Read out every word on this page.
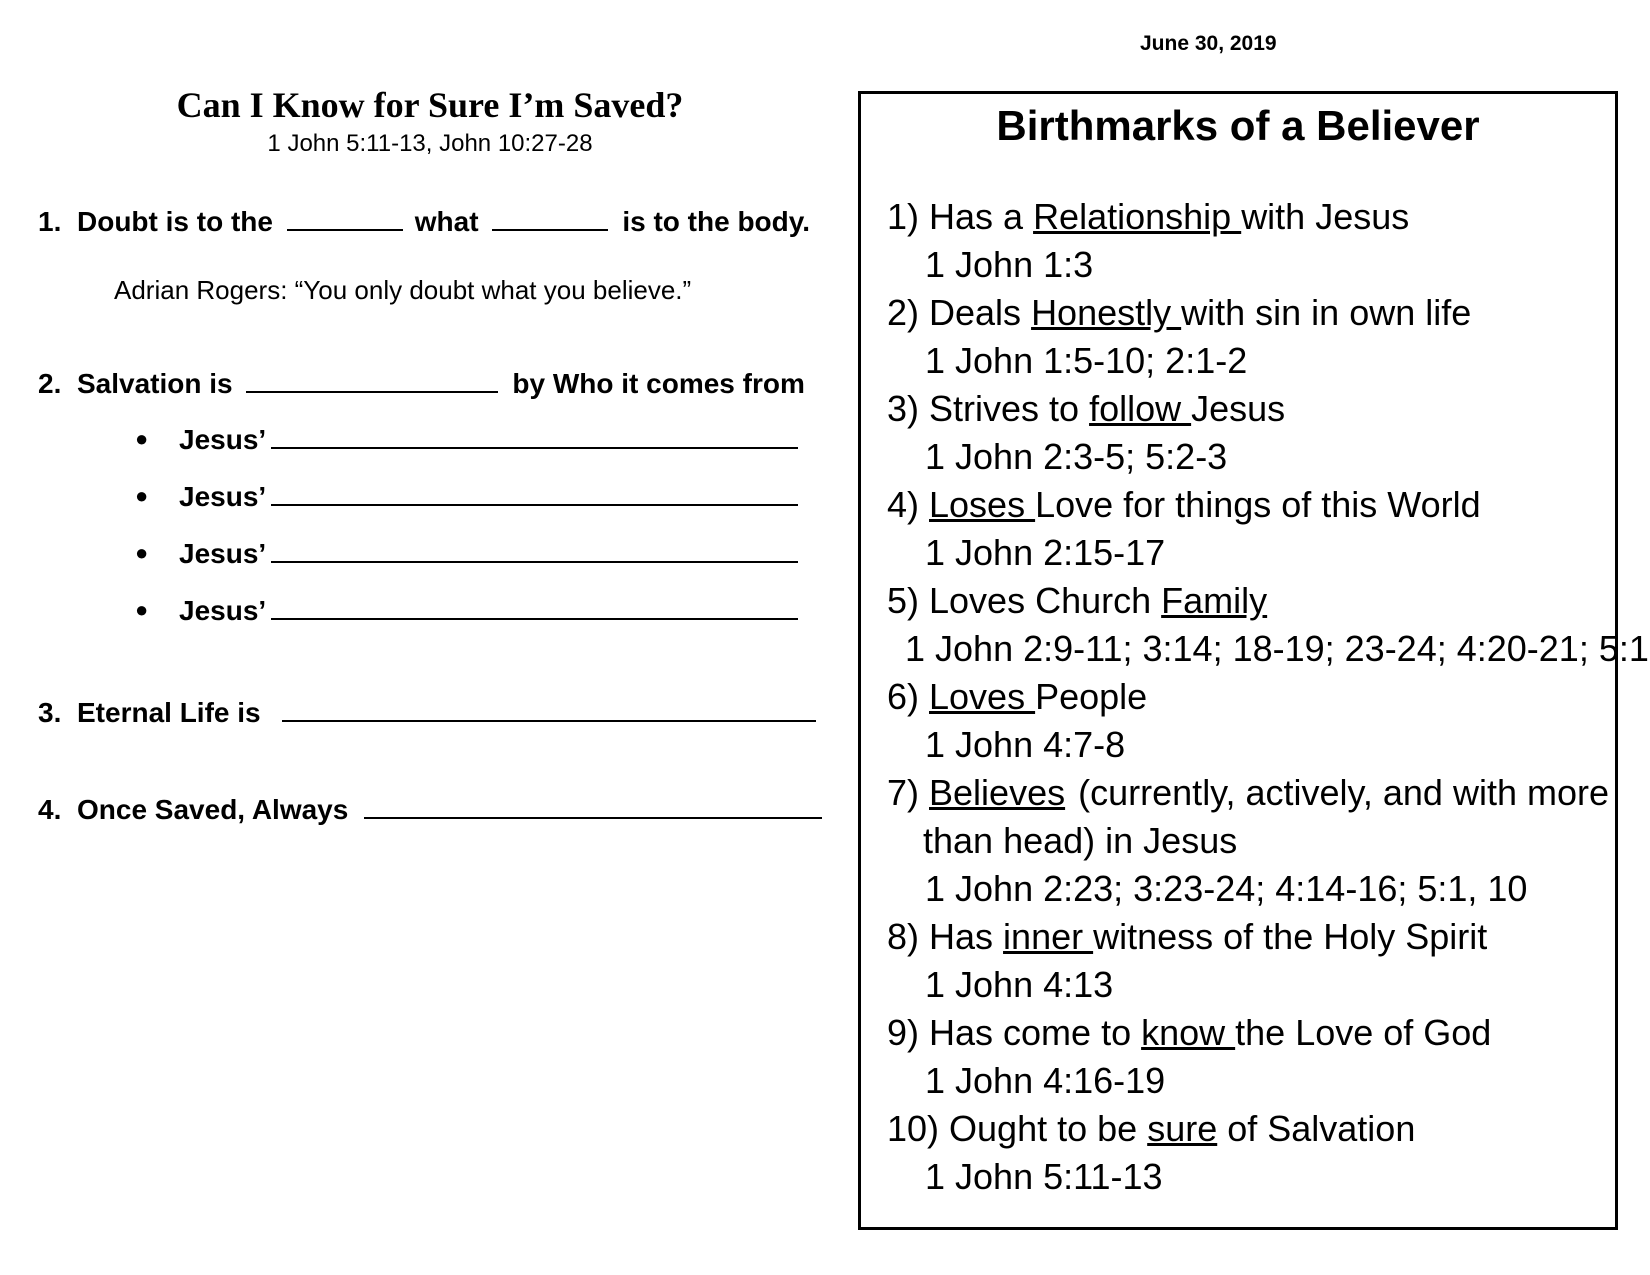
June 30, 2019
Can I Know for Sure I’m Saved?
1 John 5:11-13, John 10:27-28
1. Doubt is to the	what	is to the body.
Adrian Rogers: “You only doubt what you believe.”
2. Salvation is	by Who it comes from
● Jesus’
● Jesus’
● Jesus’
● Jesus’
3. Eternal Life is
4. Once Saved, Always
Birthmarks of a Believer
1) Has a Relationship with Jesus
1 John 1:3
2) Deals Honestly with sin in own life
1 John 1:5-10; 2:1-2
3) Strives to follow Jesus
1 John 2:3-5; 5:2-3
4) Loses Love for things of this World
1 John 2:15-17
5) Loves Church Family
1 John 2:9-11; 3:14; 18-19; 23-24; 4:20-21; 5:1
6) Loves People
1 John 4:7-8
7) Believes (currently, actively, and with more
than head) in Jesus
1 John 2:23; 3:23-24; 4:14-16; 5:1, 10
8) Has inner witness of the Holy Spirit
1 John 4:13
9) Has come to know the Love of God
1 John 4:16-19
10) Ought to be sure of Salvation
1 John 5:11-13
